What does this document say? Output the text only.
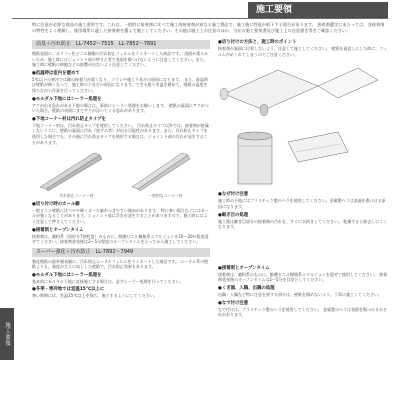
施工要領
特に注意が必要な商品の施工要領です。これは、一般的に接着剤に比べて施工用接着剤が異なる施工製品で、施工後に性能が低下する場合があります。 接着剤選定にあたっては、各接着剤の特性をよく理解し、使用場所に適した接着剤を選んで施工してください。その他は施工上の注意のほか、当社の施工要領書及び施工上の注意書き等をご確認ください。
施工要領
消臭＋汚れ防止　LL-7452〜7515　LL-7852〜7891
壁紙表面に、ポリフッ化ビニル樹脂の汚れ防止フィルムをラミネートした商品です。 表面が柔らかいため、施工時にはジョイント部の押さえ等で表面を傷つけないように注意してください。また、施工時に壁紙の伸縮などの影響が出ないよう注意してください。
●低温時は室内を暖めて
5℃以下の寒冷では糊の接着力が弱くなり、フラレや施工不具合の原因になります。 また、低温時は壁紙が硬くなって、施工時の不具合の原因になります。できる限り室温を暖めて、壁紙の温度を保ちながら作業を行ってください。
●モルダル下地にはシーラー処理を
アクが出る恐れがある下地の場合は、事前にシーラー処理をお願いします。 壁紙の裏面にアクがついた場合、壁紙の表面にまでアクが浮いてくる恐れがあります。
●下地コーナー材は汚れ防止タイプを
下地コーナー材は、汚れ防止タイプを使用してください。 汚れ防止タイプ以外では、接着剤が乾燥しないうちに、壁紙の裏面に汚れ（黒ずみ等）が出る可能性があります。また、汚れ防止タイプを使用した場合でも、その後に汚れ防止タイプを使用する場合は、ジョイント部の汚れが発生することがあります。
汚れ防止コーナー材	一般的なコーナー材
●切り付け時のカール癖
一般ビニル壁紙に比べやや硬くカール癖がつきやすい傾向があります。 特に寒い場合などにはカールが強くなることがあります。ジョイント部に浮きが発生することがありますので、施工時にはよく注意して押さえてください。
●接着剤とオープンタイム
接着剤は、澱粉系（固形分7割程度）のものに、酢酸ビニル樹脂系エマルジョンを10〜20％程度混ぜてください。接着剤塗布後は2〜5分程度のオープンタイムをとってから施工してください。
スーパー強化＋汚れ防止　LL-7892〜7949
強化壁紙の最外層表層に、汚れ防止エーテルフィルムをラミネートした商品です。 エーテル系の壁紙よりも、強度がさらに向上した壁紙で、汚れ防止効果もあります。
●モルダル下地にはシーラー処理を
基本的にモルタル下地に直接施工する場合は、必ずシーラー処理を行ってください。
●冬季・寒冷地では室温15℃以上に
寒い時期には、室温15℃以上を保ち、施工するようにしてください。
●切り付けの方法と、施工時のポイント
接着剤が裏面に付着しないよう、注意して施工してください。 壁紙を裏返しにした時に、フィルムがめくれてしまうのでご注意ください。

●なぜ付け注意
施工時の下地にはプラスチック製のヘラを使用してください。金属製ヘラは表面を傷つける原因になります。
●継ぎ目の処理
施工後は継ぎ目部分の接着剤の汚れを、すぐに水拭きしてください。 乾燥すると除去しにくくなります。
●接着剤とオープンタイム
接着剤は、澱粉系のものに、酢酸ビニル樹脂系エマルジョンを混ぜて使用してください。 接着剤塗布後のオープンタイムは2〜5分を目安としてください。
●くぎ頭、入隅、出隅の処理
出隅・入隅など特に注意を要する部分は、壁紙を傷めないよう、丁寧に施工してください。
●なで付け注意
なで付けは、プラスチック製のヘラを使用してください。 金属製のヘラは表面を傷つけるおそれがあります。
